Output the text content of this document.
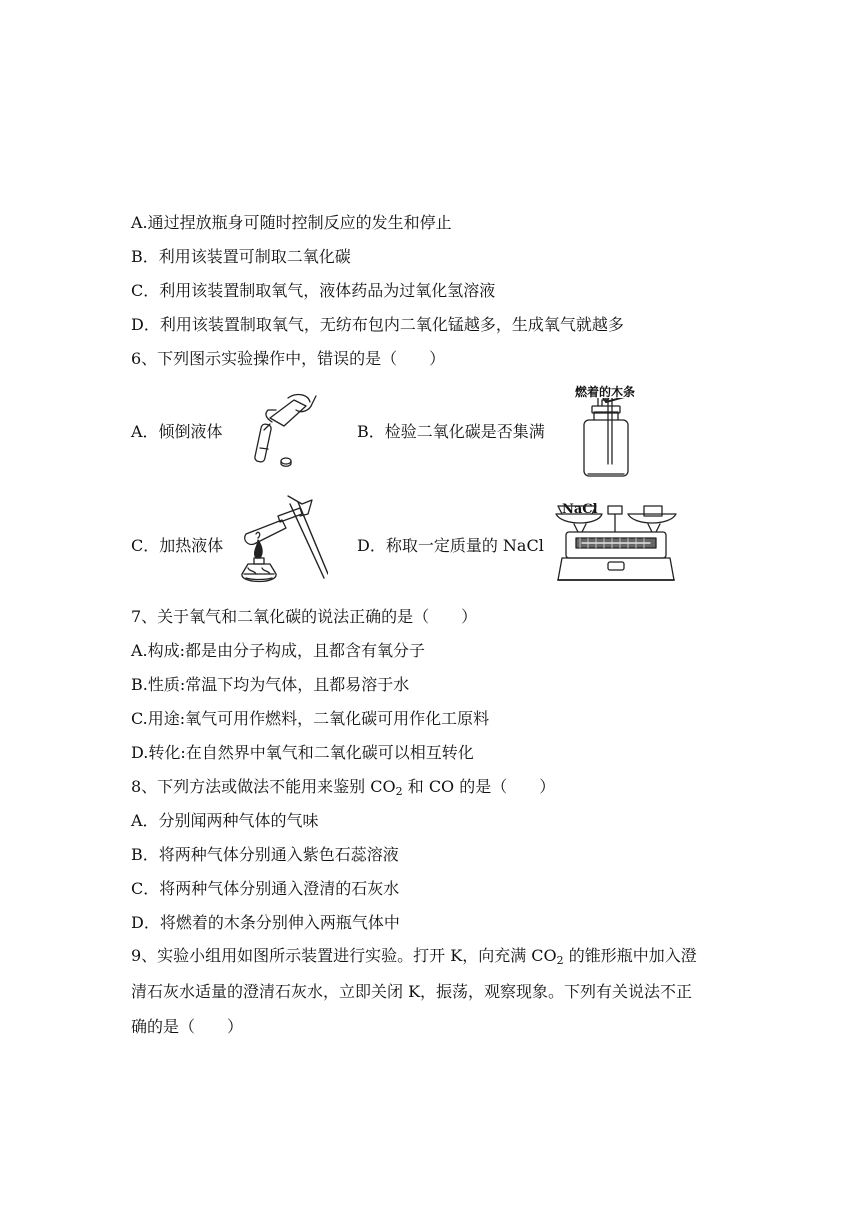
A.通过捏放瓶身可随时控制反应的发生和停止
B．利用该装置可制取二氧化碳
C．利用该装置制取氧气，液体药品为过氧化氢溶液
D．利用该装置制取氧气，无纺布包内二氧化锰越多，生成氧气就越多
6、下列图示实验操作中，错误的是（　　）
A．倾倒液体	B．检验二氧化碳是否集满
C．加热液体	D．称取一定质量的 NaCl
燃着的木条
NaCl
7、关于氧气和二氧化碳的说法正确的是（　　）
A.构成:都是由分子构成，且都含有氧分子
B.性质:常温下均为气体，且都易溶于水
C.用途:氧气可用作燃料，二氧化碳可用作化工原料
D.转化:在自然界中氧气和二氧化碳可以相互转化
8、下列方法或做法不能用来鉴别 $CO_2$ 和 CO 的是（　　）
A．分别闻两种气体的气味
B．将两种气体分别通入紫色石蕊溶液
C．将两种气体分别通入澄清的石灰水
D．将燃着的木条分别伸入两瓶气体中
9、实验小组用如图所示装置进行实验。打开 K，向充满 $CO_2$ 的锥形瓶中加入澄
清石灰水适量的澄清石灰水，立即关闭 K，振荡，观察现象。下列有关说法不正
确的是（　　）
